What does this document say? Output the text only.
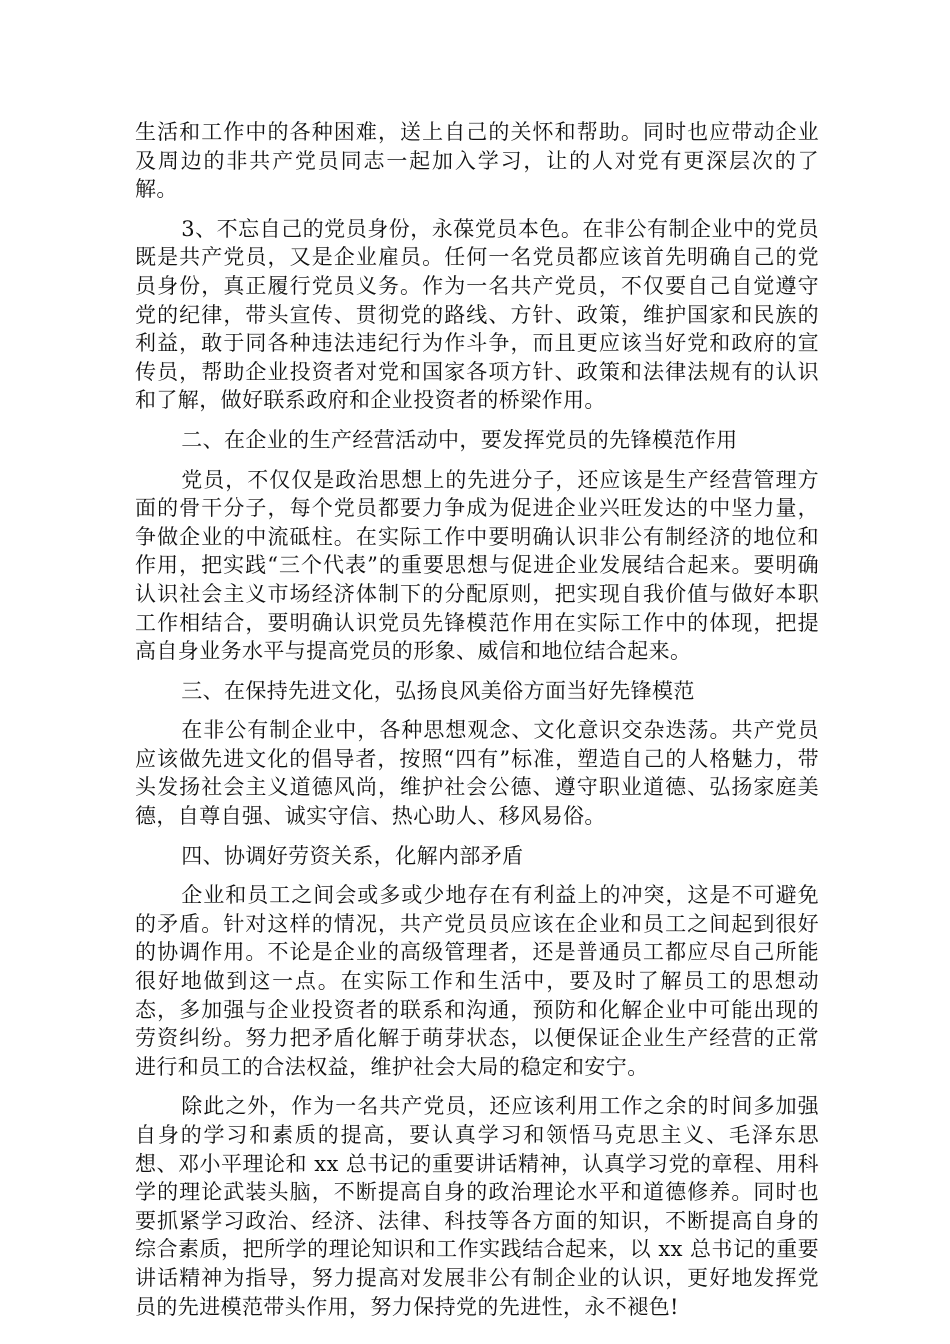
生活和工作中的各种困难，送上自己的关怀和帮助。同时也应带动企业及周边的非共产党员同志一起加入学习，让的人对党有更深层次的了解。

3、不忘自己的党员身份，永葆党员本色。在非公有制企业中的党员既是共产党员，又是企业雇员。任何一名党员都应该首先明确自己的党员身份，真正履行党员义务。作为一名共产党员，不仅要自己自觉遵守党的纪律，带头宣传、贯彻党的路线、方针、政策，维护国家和民族的利益，敢于同各种违法违纪行为作斗争，而且更应该当好党和政府的宣传员，帮助企业投资者对党和国家各项方针、政策和法律法规有的认识和了解，做好联系政府和企业投资者的桥梁作用。

二、在企业的生产经营活动中，要发挥党员的先锋模范作用

党员，不仅仅是政治思想上的先进分子，还应该是生产经营管理方面的骨干分子，每个党员都要力争成为促进企业兴旺发达的中坚力量，争做企业的中流砥柱。在实际工作中要明确认识非公有制经济的地位和作用，把实践“三个代表”的重要思想与促进企业发展结合起来。要明确认识社会主义市场经济体制下的分配原则，把实现自我价值与做好本职工作相结合，要明确认识党员先锋模范作用在实际工作中的体现，把提高自身业务水平与提高党员的形象、威信和地位结合起来。

三、在保持先进文化，弘扬良风美俗方面当好先锋模范

在非公有制企业中，各种思想观念、文化意识交杂迭荡。共产党员应该做先进文化的倡导者，按照“四有”标准，塑造自己的人格魅力，带头发扬社会主义道德风尚，维护社会公德、遵守职业道德、弘扬家庭美德，自尊自强、诚实守信、热心助人、移风易俗。

四、协调好劳资关系，化解内部矛盾

企业和员工之间会或多或少地存在有利益上的冲突，这是不可避免的矛盾。针对这样的情况，共产党员员应该在企业和员工之间起到很好的协调作用。不论是企业的高级管理者，还是普通员工都应尽自己所能很好地做到这一点。在实际工作和生活中，要及时了解员工的思想动态，多加强与企业投资者的联系和沟通，预防和化解企业中可能出现的劳资纠纷。努力把矛盾化解于萌芽状态，以便保证企业生产经营的正常进行和员工的合法权益，维护社会大局的稳定和安宁。

除此之外，作为一名共产党员，还应该利用工作之余的时间多加强自身的学习和素质的提高，要认真学习和领悟马克思主义、毛泽东思想、邓小平理论和 xx 总书记的重要讲话精神，认真学习党的章程、用科学的理论武装头脑，不断提高自身的政治理论水平和道德修养。同时也要抓紧学习政治、经济、法律、科技等各方面的知识，不断提高自身的综合素质，把所学的理论知识和工作实践结合起来，以 xx 总书记的重要讲话精神为指导，努力提高对发展非公有制企业的认识，更好地发挥党员的先进模范带头作用，努力保持党的先进性，永不褪色!
